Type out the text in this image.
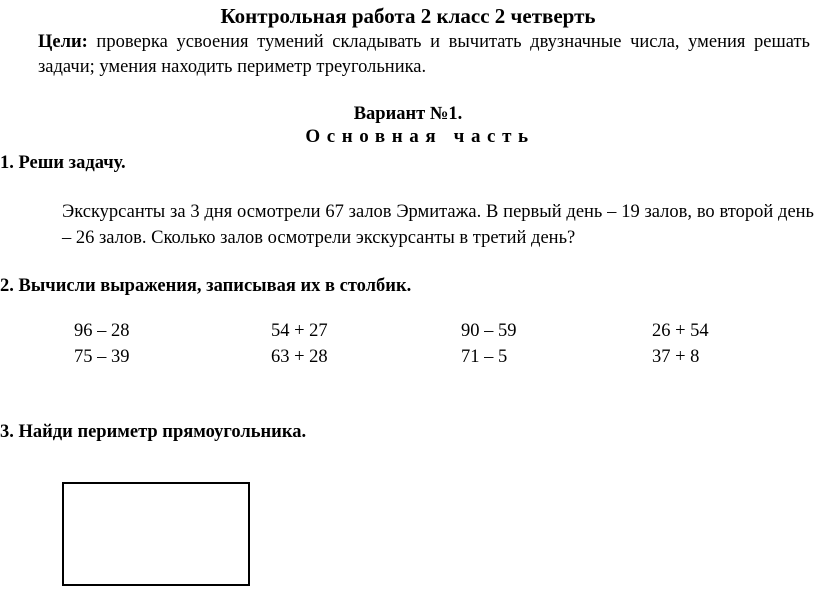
Контрольная работа 2 класс 2 четверть
Цели: проверка усвоения тумений складывать и вычитать двузначные числа, умения решать задачи; умения находить периметр треугольника.
Вариант №1.
Основная часть
1. Реши задачу.
Экскурсанты за 3 дня осмотрели 67 залов Эрмитажа. В первый день – 19 залов, во второй день – 26 залов. Сколько залов осмотрели экскурсанты в третий день?
2. Вычисли выражения, записывая их в столбик.
96 – 28	54 + 27	90 – 59	26 + 54
75 – 39	63 + 28	71 – 5	37 + 8
3. Найди периметр прямоугольника.
